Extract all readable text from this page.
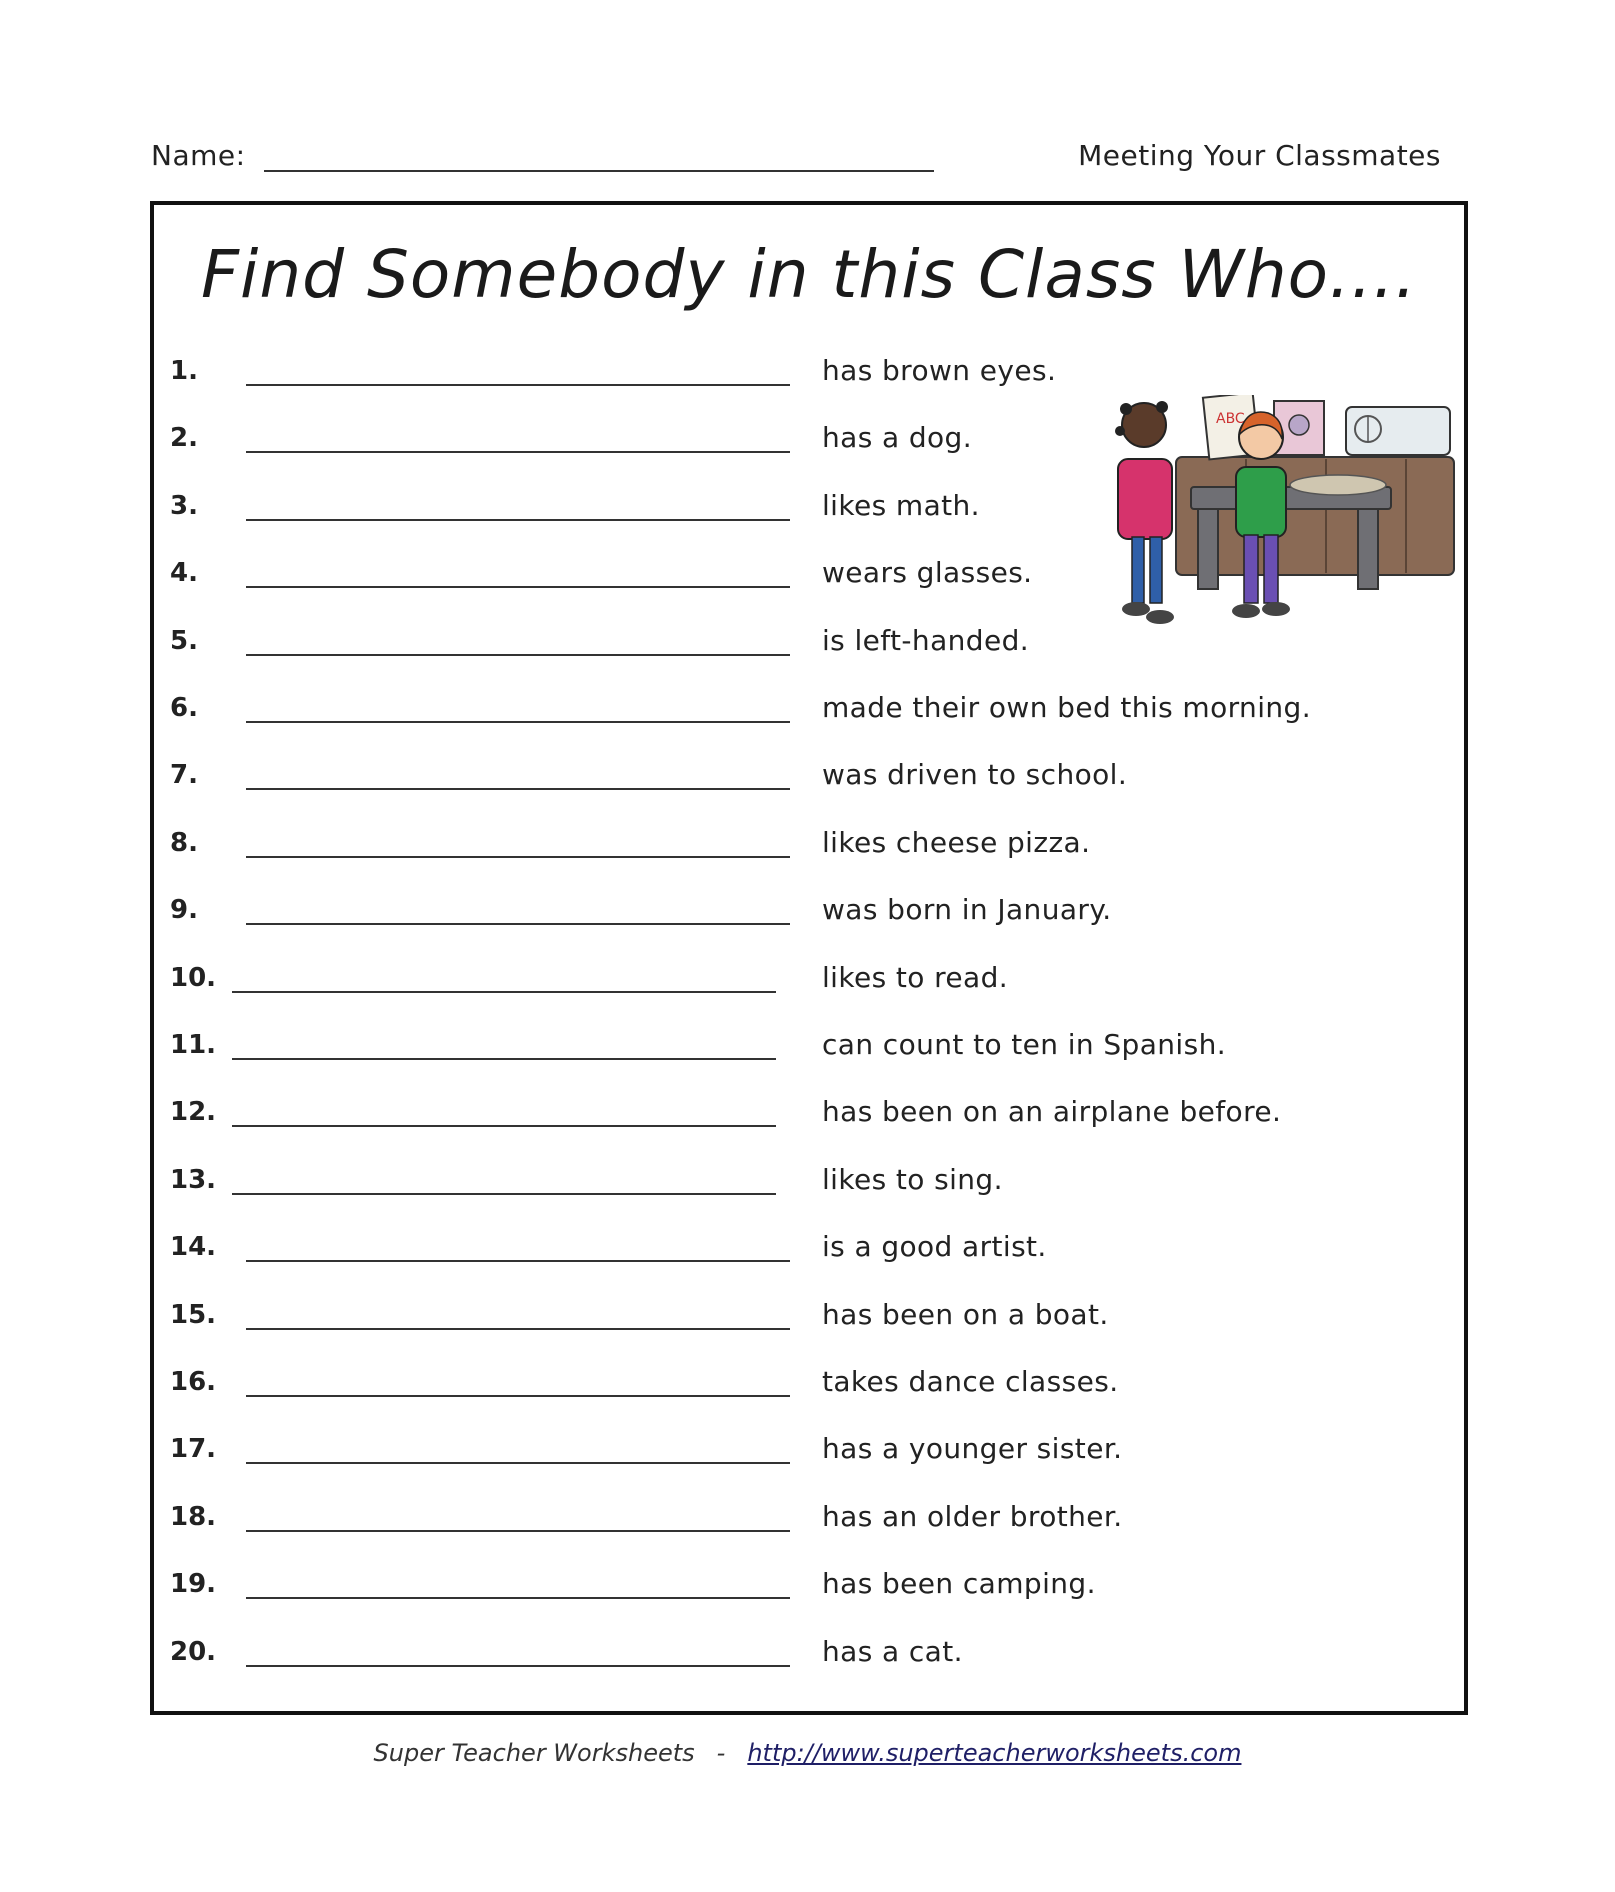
Name:	Meeting Your Classmates
Find Somebody in this Class Who....
1.	has brown eyes.
2.	has a dog.
3.	likes math.
4.	wears glasses.
5.	is left-handed.
6.	made their own bed this morning.
7.	was driven to school.
8.	likes cheese pizza.
9.	was born in January.
10.	likes to read.
11.	can count to ten in Spanish.
12.	has been on an airplane before.
13.	likes to sing.
14.	is a good artist.
15.	has been on a boat.
16.	takes dance classes.
17.	has a younger sister.
18.	has an older brother.
19.	has been camping.
20.	has a cat.
ABC
Super Teacher Worksheets - http://www.superteacherworksheets.com
